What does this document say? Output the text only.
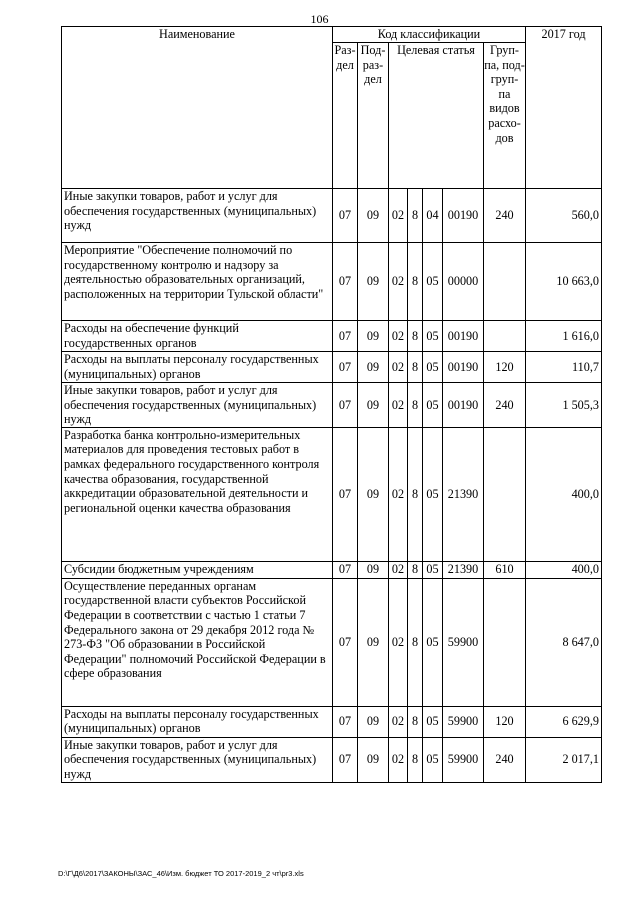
106
Наименование	Код классификации							2017 год
	Раз- дел	Под- раз- дел	Целевая статья				Груп- па, под- груп- па видов расхо- дов	
Иные закупки товаров, работ и услуг для обеспечения государственных (муниципальных) нужд	07	09	02	8	04	00190	240	560,0
Мероприятие "Обеспечение полномочий по государственному контролю и надзору за деятельностью образовательных организаций, расположенных на территории Тульской области"	07	09	02	8	05	00000		10 663,0
Расходы на обеспечение функций государственных органов	07	09	02	8	05	00190		1 616,0
Расходы на выплаты персоналу государственных (муниципальных) органов	07	09	02	8	05	00190	120	110,7
Иные закупки товаров, работ и услуг для обеспечения государственных (муниципальных) нужд	07	09	02	8	05	00190	240	1 505,3
Разработка банка контрольно-измерительных материалов для проведения тестовых работ в рамках федерального государственного контроля качества образования, государственной аккредитации образовательной деятельности и региональной оценки качества образования	07	09	02	8	05	21390		400,0
Субсидии бюджетным учреждениям	07	09	02	8	05	21390	610	400,0
Осуществление переданных органам государственной власти субъектов Российской Федерации в соответствии с частью 1 статьи 7 Федерального закона от 29 декабря 2012 года № 273-ФЗ "Об образовании в Российской Федерации" полномочий Российской Федерации в сфере образования	07	09	02	8	05	59900		8 647,0
Расходы на выплаты персоналу государственных (муниципальных) органов	07	09	02	8	05	59900	120	6 629,9
Иные закупки товаров, работ и услуг для обеспечения государственных (муниципальных) нужд	07	09	02	8	05	59900	240	2 017,1
D:\Г\Д6\2017\ЗАКОНЫ\ЗАС_46\Изм. бюджет ТО 2017-2019_2 чт\pr3.xls
